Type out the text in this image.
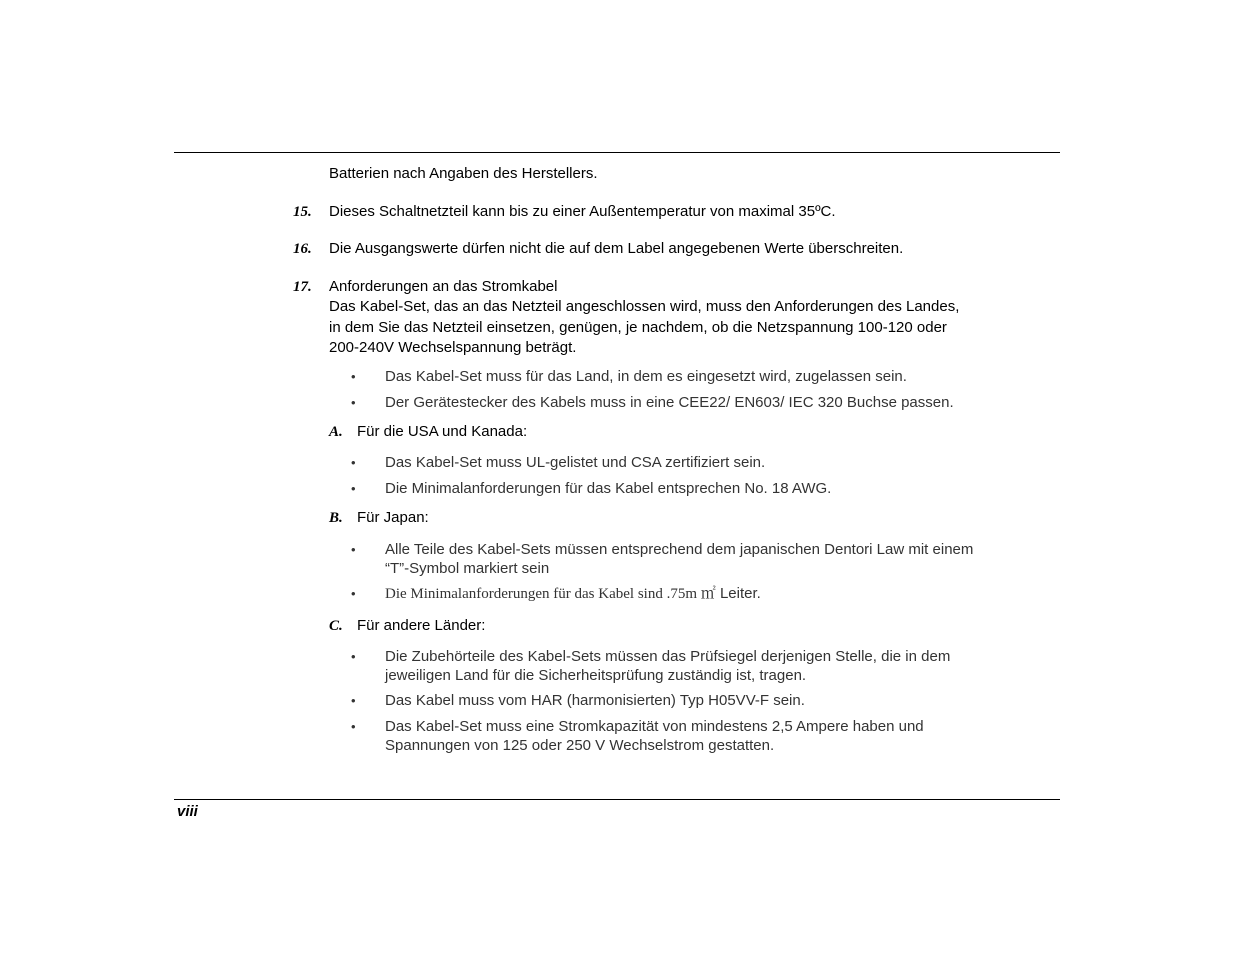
Batterien nach Angaben des Herstellers.
15. Dieses Schaltnetzteil kann bis zu einer Außentemperatur von maximal 35ºC.
16. Die Ausgangswerte dürfen nicht die auf dem Label angegebenen Werte überschreiten.
17. Anforderungen an das Stromkabel
Das Kabel-Set, das an das Netzteil angeschlossen wird, muss den Anforderungen des Landes,
in dem Sie das Netzteil einsetzen, genügen, je nachdem, ob die Netzspannung 100-120 oder
200-240V Wechselspannung beträgt.
• Das Kabel-Set muss für das Land, in dem es eingesetzt wird, zugelassen sein.
• Der Gerätestecker des Kabels muss in eine CEE22/ EN603/ IEC 320 Buchse passen.
A. Für die USA und Kanada:
• Das Kabel-Set muss UL-gelistet und CSA zertifiziert sein.
• Die Minimalanforderungen für das Kabel entsprechen No. 18 AWG.
B. Für Japan:
• Alle Teile des Kabel-Sets müssen entsprechend dem japanischen Dentori Law mit einem
“T”-Symbol markiert sein
• Die Minimalanforderungen für das Kabel sind .75m ㎡ Leiter.
C. Für andere Länder:
• Die Zubehörteile des Kabel-Sets müssen das Prüfsiegel derjenigen Stelle, die in dem
jeweiligen Land für die Sicherheitsprüfung zuständig ist, tragen.
• Das Kabel muss vom HAR (harmonisierten) Typ H05VV-F sein.
• Das Kabel-Set muss eine Stromkapazität von mindestens 2,5 Ampere haben und
Spannungen von 125 oder 250 V Wechselstrom gestatten.
viii
